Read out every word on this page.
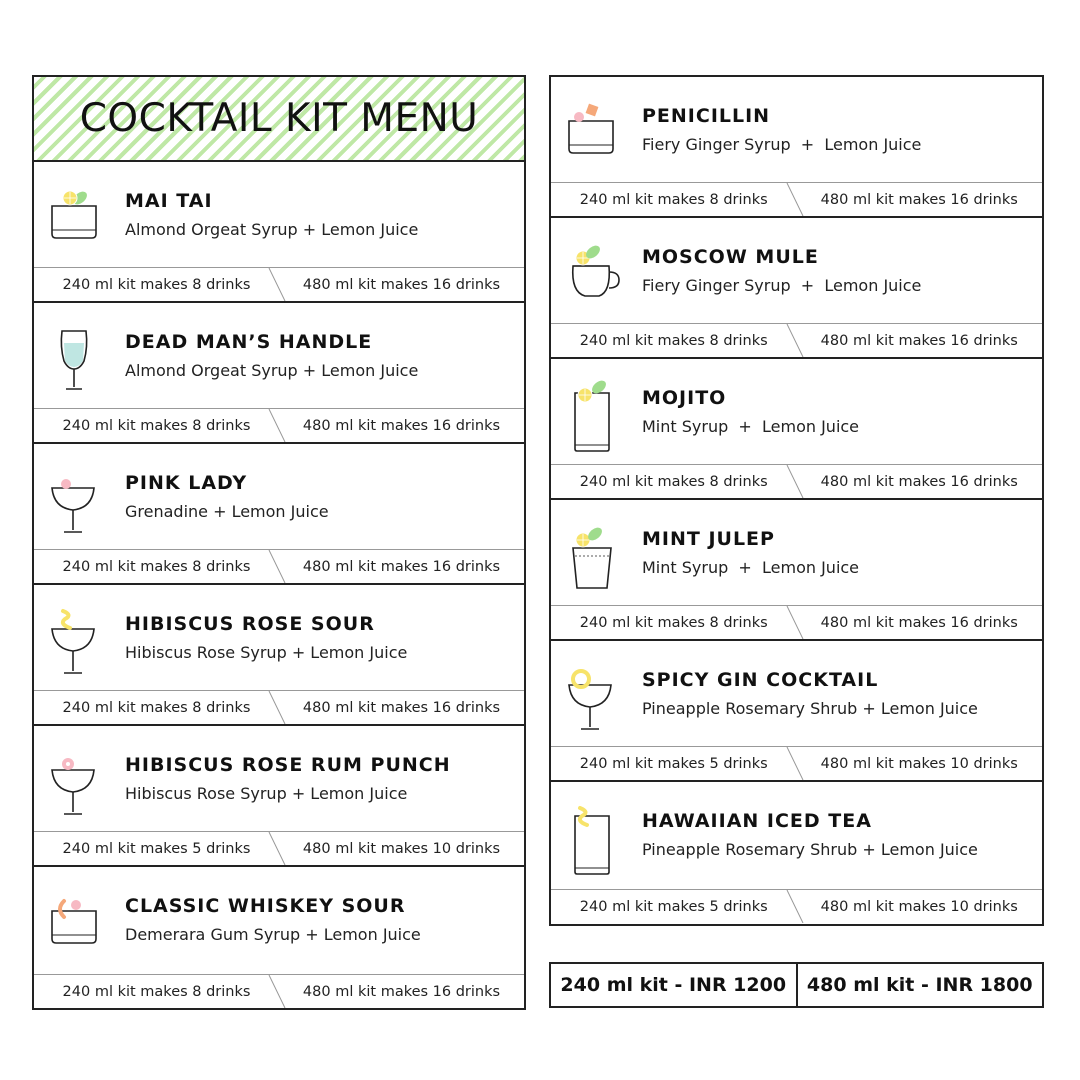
COCKTAIL KIT MENU
MAI TAI
Almond Orgeat Syrup + Lemon Juice
240 ml kit makes 8 drinks	480 ml kit makes 16 drinks
DEAD MAN’S HANDLE
Almond Orgeat Syrup + Lemon Juice
240 ml kit makes 8 drinks	480 ml kit makes 16 drinks
PINK LADY
Grenadine + Lemon Juice
240 ml kit makes 8 drinks	480 ml kit makes 16 drinks
HIBISCUS ROSE SOUR
Hibiscus Rose Syrup + Lemon Juice
240 ml kit makes 8 drinks	480 ml kit makes 16 drinks
HIBISCUS ROSE RUM PUNCH
Hibiscus Rose Syrup + Lemon Juice
240 ml kit makes 5 drinks	480 ml kit makes 10 drinks
CLASSIC WHISKEY SOUR
Demerara Gum Syrup + Lemon Juice
240 ml kit makes 8 drinks	480 ml kit makes 16 drinks
PENICILLIN
Fiery Ginger Syrup  +  Lemon Juice
240 ml kit makes 8 drinks	480 ml kit makes 16 drinks
MOSCOW MULE
Fiery Ginger Syrup  +  Lemon Juice
240 ml kit makes 8 drinks	480 ml kit makes 16 drinks
MOJITO
Mint Syrup  +  Lemon Juice
240 ml kit makes 8 drinks	480 ml kit makes 16 drinks
MINT JULEP
Mint Syrup  +  Lemon Juice
240 ml kit makes 8 drinks	480 ml kit makes 16 drinks
SPICY GIN COCKTAIL
Pineapple Rosemary Shrub + Lemon Juice
240 ml kit makes 5 drinks	480 ml kit makes 10 drinks
HAWAIIAN ICED TEA
Pineapple Rosemary Shrub + Lemon Juice
240 ml kit makes 5 drinks	480 ml kit makes 10 drinks
240 ml kit - INR 1200	480 ml kit - INR 1800
